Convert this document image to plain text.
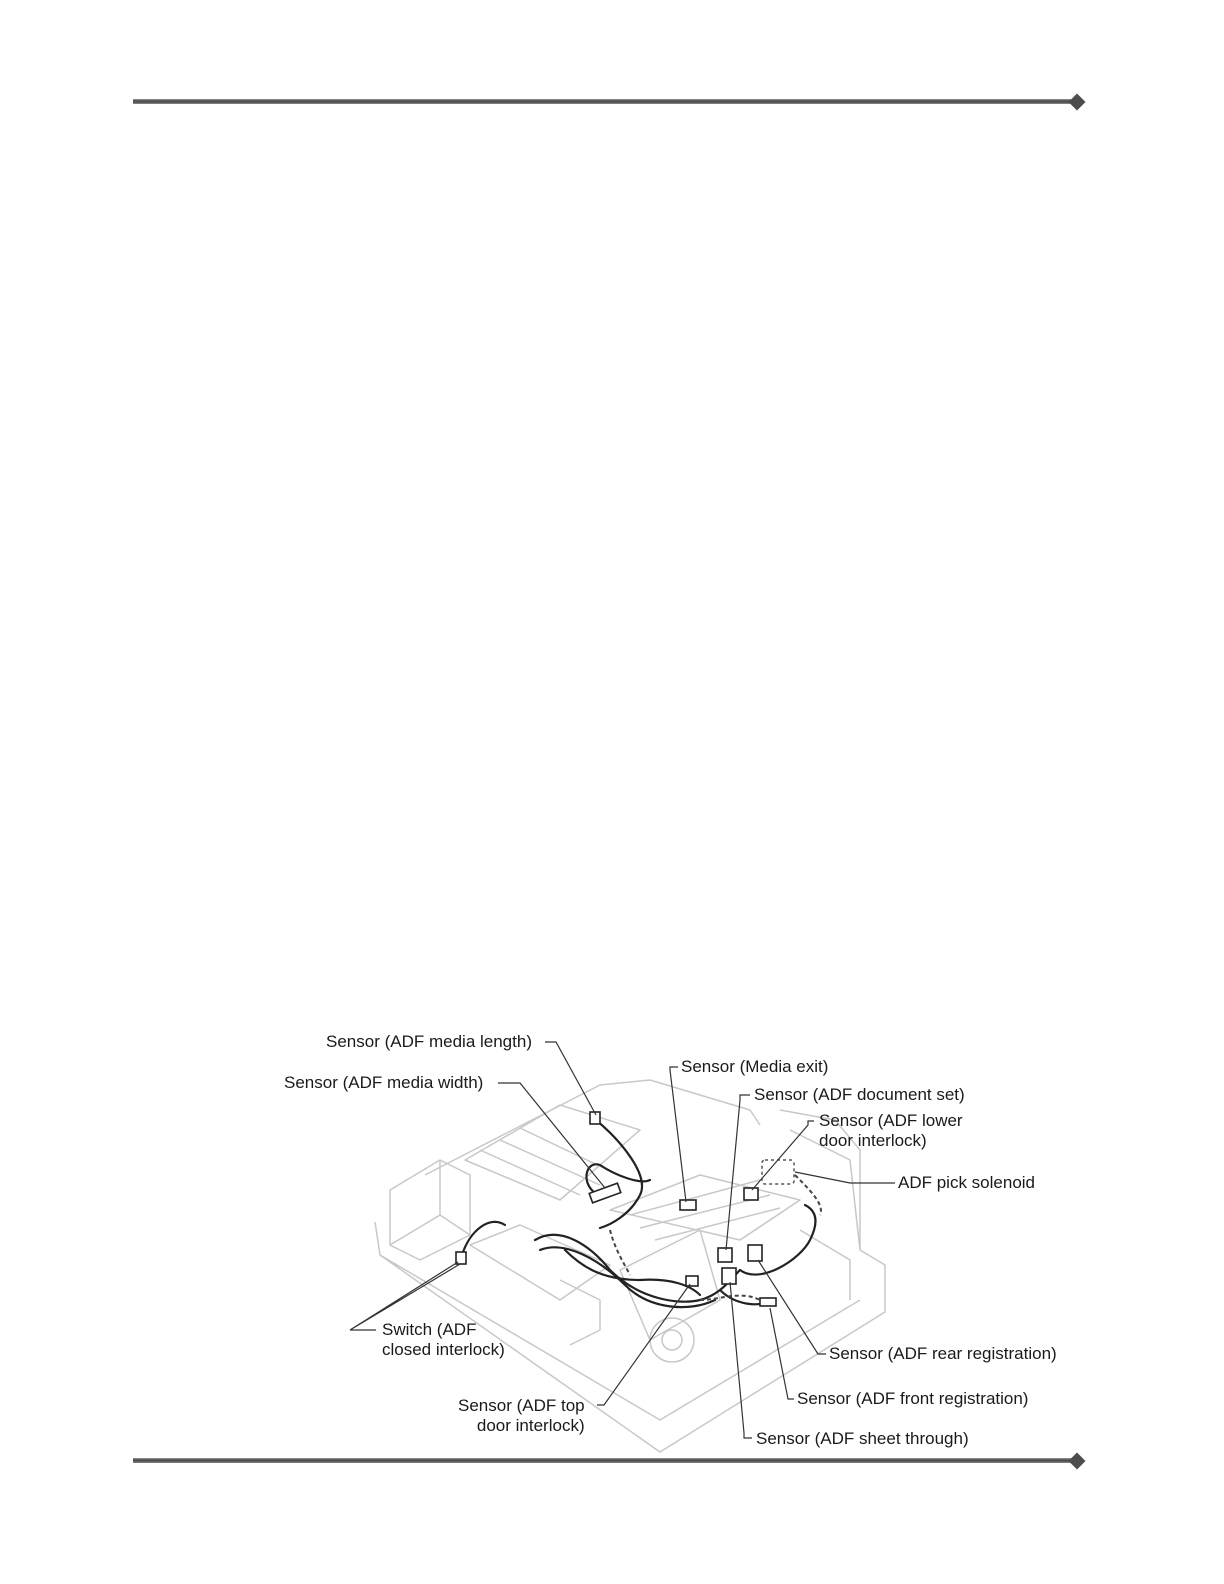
Sensor (ADF media length)
Sensor (ADF media width)
Sensor (Media exit)
Sensor (ADF document set)
Sensor (ADF lower
door interlock)
ADF pick solenoid
Switch (ADF
closed interlock)
Sensor (ADF top
door interlock)
Sensor (ADF rear registration)
Sensor (ADF front registration)
Sensor (ADF sheet through)
